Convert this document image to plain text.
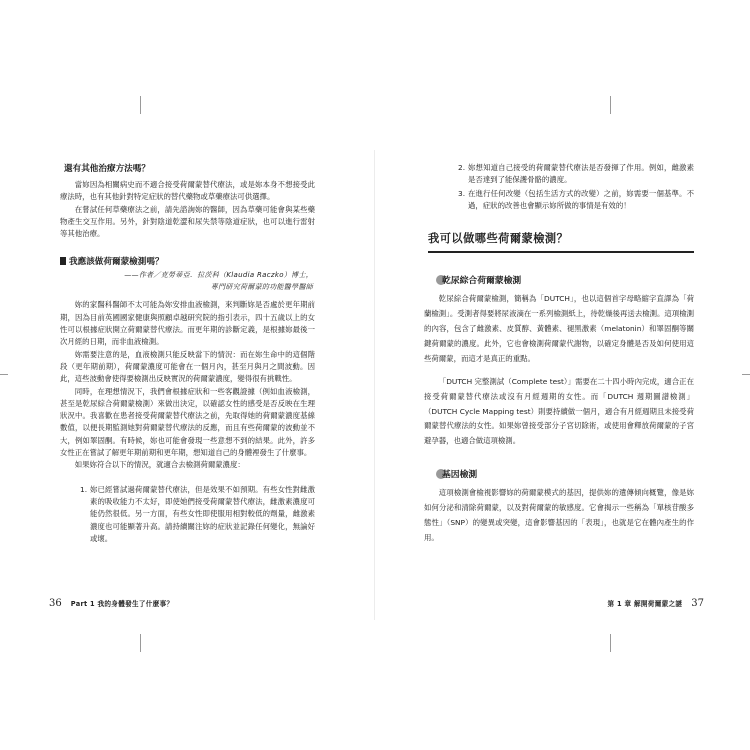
還有其他治療方法嗎？

當妳因為相關病史而不適合接受荷爾蒙替代療法，或是妳本身不想接受此療法時，也有其他針對特定症狀的替代藥物或草藥療法可供選擇。

在嘗試任何草藥療法之前，請先諮詢妳的醫師，因為草藥可能會與某些藥物產生交互作用。另外，針對陰道乾澀和尿失禁等陰道症狀，也可以進行雷射等其他治療。

我應該做荷爾蒙檢測嗎？
——作者／克勞蒂亞．拉茨科（Klaudia Raczko）博士，
專門研究荷爾蒙的功能醫學醫師

妳的家醫科醫師不太可能為妳安排血液檢測，來判斷妳是否處於更年期前期，因為目前英國國家健康與照顧卓越研究院的指引表示，四十五歲以上的女性可以根據症狀開立荷爾蒙替代療法。而更年期的診斷定義，是根據妳最後一次月經的日期，而非血液檢測。

妳需要注意的是，血液檢測只能反映當下的情況：而在妳生命中的這個階段（更年期前期），荷爾蒙濃度可能會在一個月內，甚至月與月之間波動。因此，這些波動會使得要檢測出反映實況的荷爾蒙濃度，變得很有挑戰性。

同時，在理想情況下，我們會根據症狀和一些客觀證據（例如血液檢測，甚至是乾尿綜合荷爾蒙檢測）來做出決定，以確認女性的感受是否反映在生理狀況中。我喜歡在患者接受荷爾蒙替代療法之前，先取得她的荷爾蒙濃度基線數值，以便長期監測她對荷爾蒙替代療法的反應，而且有些荷爾蒙的波動並不大，例如睪固酮。有時候，妳也可能會發現一些意想不到的結果。此外，許多女性正在嘗試了解更年期前期和更年期，想知道自己的身體裡發生了什麼事。

如果妳符合以下的情況，就適合去檢測荷爾蒙濃度：

1. 妳已經嘗試過荷爾蒙替代療法，但是效果不如預期。有些女性對雌激素的吸收能力不太好，即使她們接受荷爾蒙替代療法，雌激素濃度可能仍然很低。另一方面，有些女性即使服用相對較低的劑量，雌激素濃度也可能顯著升高。請持續關注妳的症狀並記錄任何變化，無論好或壞。
36 Part 1 我的身體發生了什麼事？
2. 妳想知道自己接受的荷爾蒙替代療法是否發揮了作用。例如，雌激素是否達到了能保護骨骼的濃度。
3. 在進行任何改變（包括生活方式的改變）之前，妳需要一個基準。不過，症狀的改善也會顯示妳所做的事情是有效的！
我可以做哪些荷爾蒙檢測？
乾尿綜合荷爾蒙檢測

乾尿綜合荷爾蒙檢測，簡稱為「DUTCH」，也以這個首字母略縮字直譯為「荷蘭檢測」。受測者得要將尿液滴在一系列檢測紙上，待乾燥後再送去檢測。這項檢測的內容，包含了雌激素、皮質醇、黃體素、褪黑激素（melatonin）和睪固酮等關鍵荷爾蒙的濃度。此外，它也會檢測荷爾蒙代謝物，以確定身體是否及如何使用這些荷爾蒙，而這才是真正的重點。

「DUTCH 完整測試（Complete test）」需要在二十四小時內完成，適合正在接受荷爾蒙替代療法或沒有月經週期的女性。而「DUTCH 週期圖譜檢測」（DUTCH Cycle Mapping test）則要持續做一個月，適合有月經週期且未接受荷爾蒙替代療法的女性。如果妳曾接受部分子宮切除術，或使用會釋放荷爾蒙的子宮避孕器，也適合做這項檢測。

基因檢測

這項檢測會檢視影響妳的荷爾蒙模式的基因，提供妳的遺傳傾向概覽，像是妳如何分泌和清除荷爾蒙，以及對荷爾蒙的敏感度。它會揭示一些稱為「單核苷酸多態性」（SNP）的變異或突變，這會影響基因的「表現」，也就是它在體內產生的作用。

第 1 章 解開荷爾蒙之謎 37
